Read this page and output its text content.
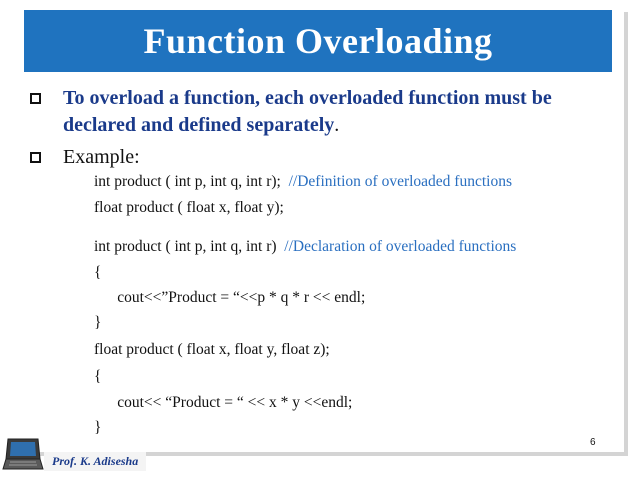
Function Overloading
To overload a function, each overloaded function must be declared and defined separately.
Example:
int product ( int p, int q, int r);  //Definition of overloaded functions
float product ( float x, float y);
int product ( int p, int q, int r)  //Declaration of overloaded functions
{
cout<<”Product = “<<p * q * r << endl;
}
float product ( float x, float y, float z);
{
cout<< “Product = “ << x * y <<endl;
}
6
Prof. K. Adisesha
